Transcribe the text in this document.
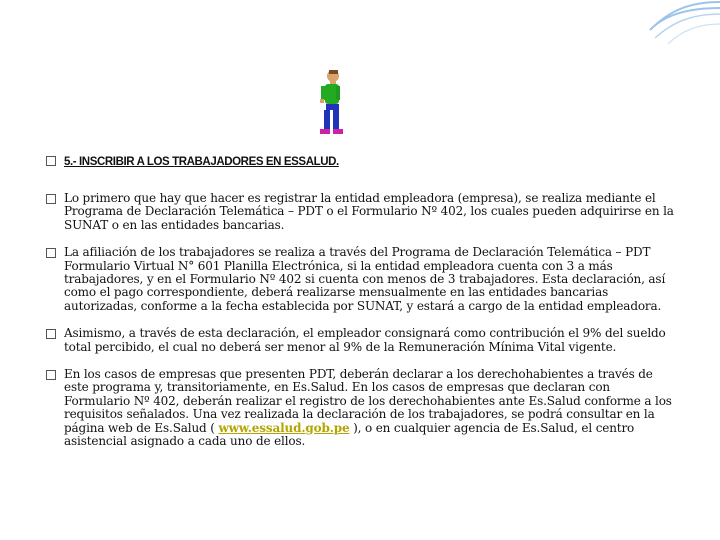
5.- INSCRIBIR A LOS TRABAJADORES EN ESSALUD.
Lo primero que hay que hacer es registrar la entidad empleadora (empresa), se realiza mediante el Programa de Declaración Telemática – PDT o el Formulario Nº 402, los cuales pueden adquirirse en la SUNAT o en las entidades bancarias.
La afiliación de los trabajadores se realiza a través del Programa de Declaración Telemática – PDT Formulario Virtual N° 601 Planilla Electrónica, si la entidad empleadora cuenta con 3 a más trabajadores, y en el Formulario Nº 402 si cuenta con menos de 3 trabajadores. Esta declaración, así como el pago correspondiente, deberá realizarse mensualmente en las entidades bancarias autorizadas, conforme a la fecha establecida por SUNAT, y estará a cargo de la entidad empleadora.
Asimismo, a través de esta declaración, el empleador consignará como contribución el 9% del sueldo total percibido, el cual no deberá ser menor al 9% de la Remuneración Mínima Vital vigente.
En los casos de empresas que presenten PDT, deberán declarar a los derechohabientes a través de este programa y, transitoriamente, en Es.Salud. En los casos de empresas que declaran con Formulario Nº 402, deberán realizar el registro de los derechohabientes ante Es.Salud conforme a los requisitos señalados. Una vez realizada la declaración de los trabajadores, se podrá consultar en la página web de Es.Salud ( www.essalud.gob.pe ), o en cualquier agencia de Es.Salud, el centro asistencial asignado a cada uno de ellos.
